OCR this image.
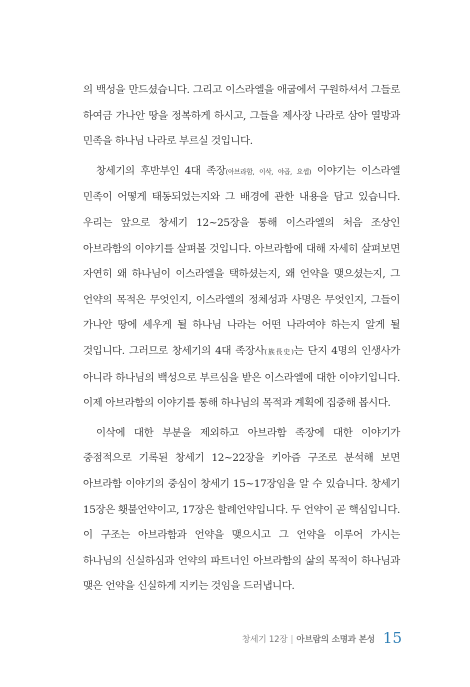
의 백성을 만드셨습니다. 그리고 이스라엘을 애굽에서 구원하셔서 그들로 하여금 가나안 땅을 정복하게 하시고, 그들을 제사장 나라로 삼아 열방과 민족을 하나님 나라로 부르실 것입니다.

창세기의 후반부인 4대 족장(아브라함, 이삭, 야곱, 요셉) 이야기는 이스라엘 민족이 어떻게 태동되었는지와 그 배경에 관한 내용을 담고 있습니다. 우리는 앞으로 창세기 12~25장을 통해 이스라엘의 처음 조상인 아브라함의 이야기를 살펴볼 것입니다. 아브라함에 대해 자세히 살펴보면 자연히 왜 하나님이 이스라엘을 택하셨는지, 왜 언약을 맺으셨는지, 그 언약의 목적은 무엇인지, 이스라엘의 정체성과 사명은 무엇인지, 그들이 가나안 땅에 세우게 될 하나님 나라는 어떤 나라여야 하는지 알게 될 것입니다. 그러므로 창세기의 4대 족장사(族長史)는 단지 4명의 인생사가 아니라 하나님의 백성으로 부르심을 받은 이스라엘에 대한 이야기입니다. 이제 아브라함의 이야기를 통해 하나님의 목적과 계획에 집중해 봅시다.

이삭에 대한 부분을 제외하고 아브라함 족장에 대한 이야기가 중점적으로 기록된 창세기 12~22장을 키아즘 구조로 분석해 보면 아브라함 이야기의 중심이 창세기 15~17장임을 알 수 있습니다. 창세기 15장은 횃불언약이고, 17장은 할례언약입니다. 두 언약이 곧 핵심입니다. 이 구조는 아브라함과 언약을 맺으시고 그 언약을 이루어 가시는 하나님의 신실하심과 언약의 파트너인 아브라함의 삶의 목적이 하나님과 맺은 언약을 신실하게 지키는 것임을 드러냅니다.

창세기 12장 | 아브람의 소명과 본성 15
